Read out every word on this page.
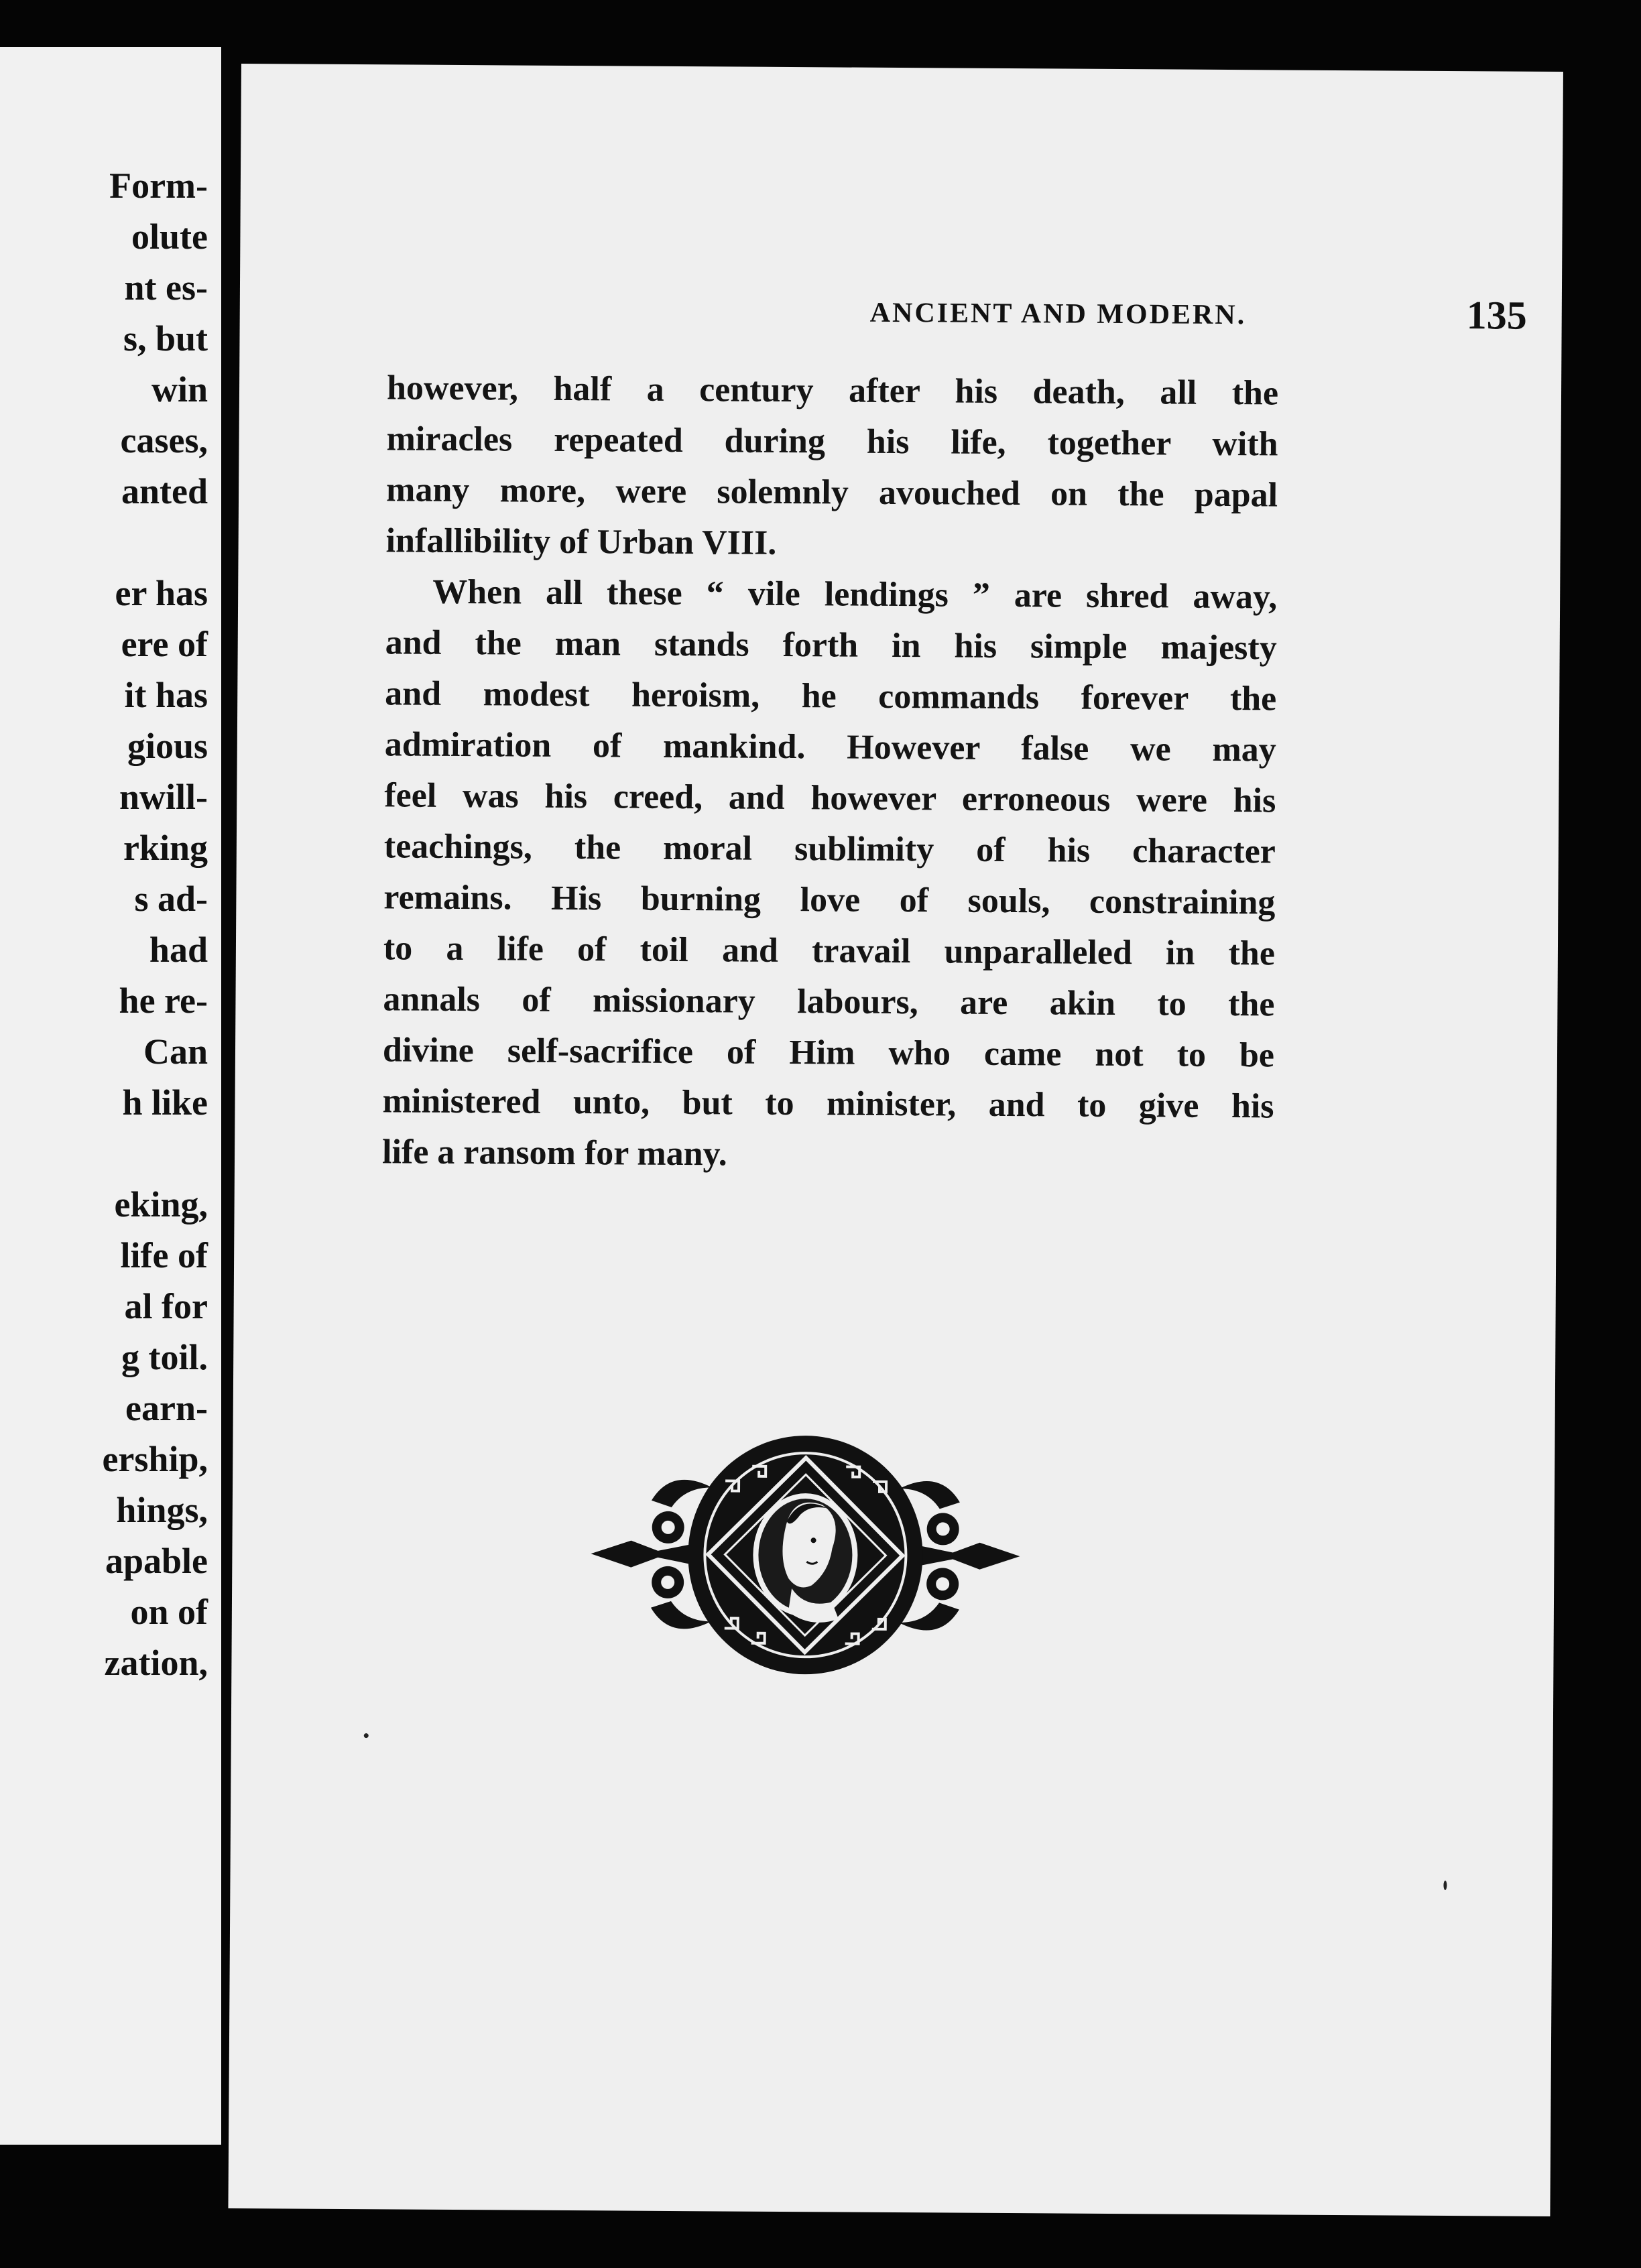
Form-
olute
nt es-
s, but
win
cases,
anted
er has
ere of
it has
gious
nwill-
rking
s ad-
had
he re-
Can
h like
eking,
life of
al for
g toil.
earn-
ership,
hings,
apable
on of
zation,
ANCIENT AND MODERN.	135
however, half a century after his death, all the
miracles repeated during his life, together with
many more, were solemnly avouched on the papal
infallibility of Urban VIII.
When all these “ vile lendings ” are shred away,
and the man stands forth in his simple majesty
and modest heroism, he commands forever the
admiration of mankind. However false we may
feel was his creed, and however erroneous were his
teachings, the moral sublimity of his character
remains. His burning love of souls, constraining
to a life of toil and travail unparalleled in the
annals of missionary labours, are akin to the
divine self-sacrifice of Him who came not to be
ministered unto, but to minister, and to give his
life a ransom for many.
